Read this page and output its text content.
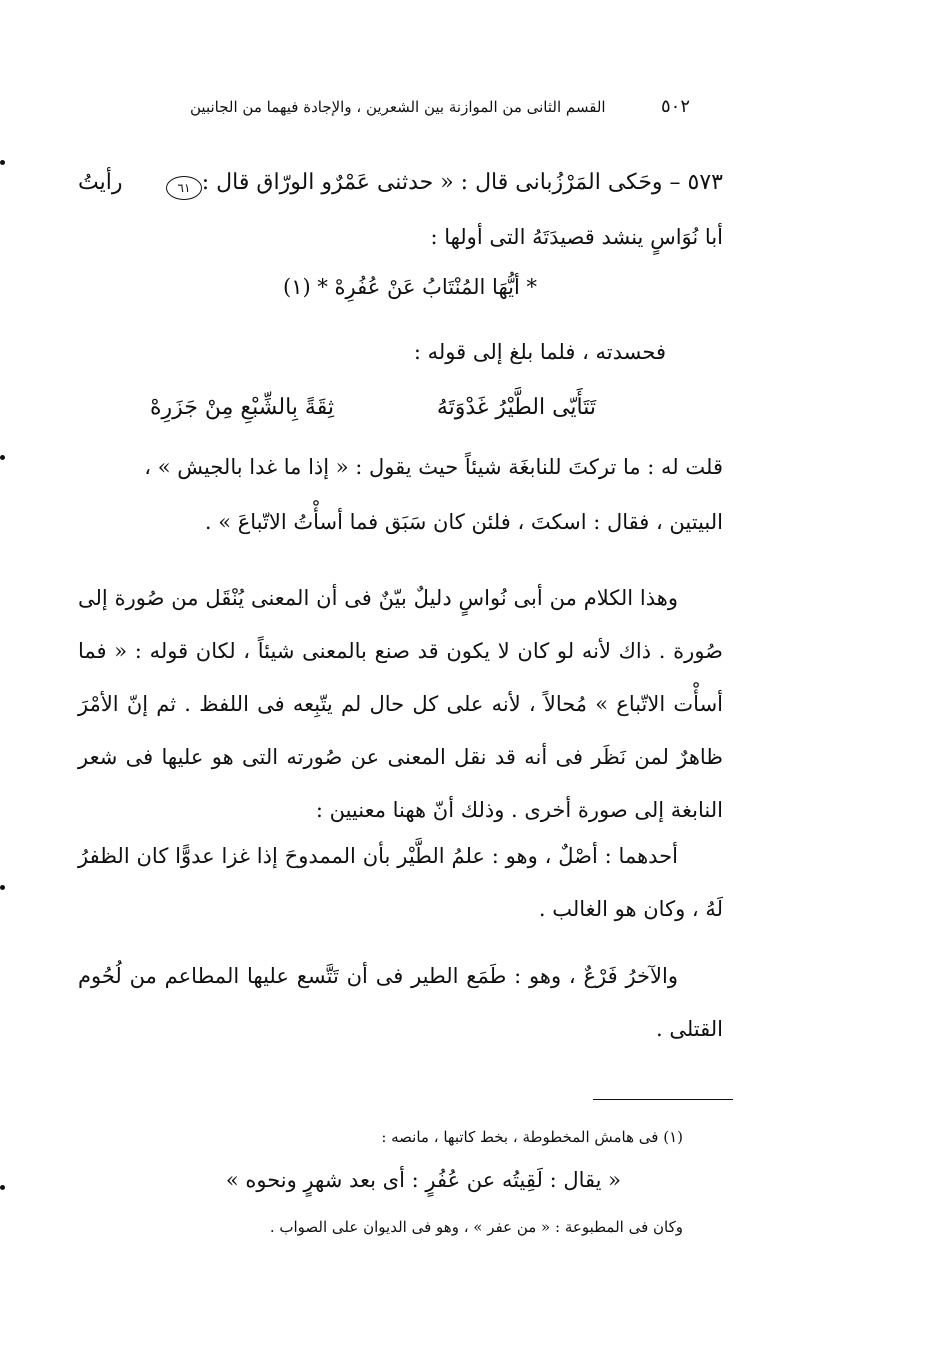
٥٠٢
القسم الثانى من الموازنة بين الشعرين ، والإجادة فيهما من الجانبين
٥٧٣ – وحَكى المَرْزُبانى قال : « حدثنى عَمْرٌو الورّاق قال :
٦١
رأيتُ
أبا نُوَاسٍ ينشد قصيدَتَهُ التى أولها :
* أيُّهَا المُنْتَابُ عَنْ عُفُرِهْ * (١)
فحسدته ، فلما بلغ إلى قوله :
تَتَأَيّى الطَّيْرُ غَدْوَتَهُ
ثِقَةً بِالشِّبْعِ مِنْ جَزَرِهْ
قلت له : ما تركتَ للنابغَة شيئاً حيث يقول : « إذا ما غدا بالجيش » ،
البيتين ، فقال : اسكتَ ، فلئن كان سَبَق فما أسأْتُ الاتّباعَ » .
وهذا الكلام من أبى نُواسٍ دليلٌ بيّنٌ فى أن المعنى يُنْقَل من صُورة إلى صُورة . ذاك لأنه لو كان لا يكون قد صنع بالمعنى شيئاً ، لكان قوله : « فما أسأْت الاتّباع » مُحالاً ، لأنه على كل حال لم يتّبِعه فى اللفظ . ثم إنّ الأمْرَ ظاهرٌ لمن نَظَر فى أنه قد نقل المعنى عن صُورته التى هو عليها فى شعر النابغة إلى صورة أخرى . وذلك أنّ ههنا معنيين :
أحدهما : أصْلٌ ، وهو : علمُ الطَّيْر بأن الممدوحَ إذا غزا عدوًّا كان الظفرُ لَهُ ، وكان هو الغالب .
والآخرُ فَرْعٌ ، وهو : طَمَع الطير فى أن تَتَّسع عليها المطاعم من لُحُوم القتلى .
(١) فى هامش المخطوطة ، بخط كاتبها ، مانصه :
« يقال : لَقِيتُه عن عُفُرٍ : أى بعد شهرٍ ونحوه »
وكان فى المطبوعة : « من عفر » ، وهو فى الديوان على الصواب .
